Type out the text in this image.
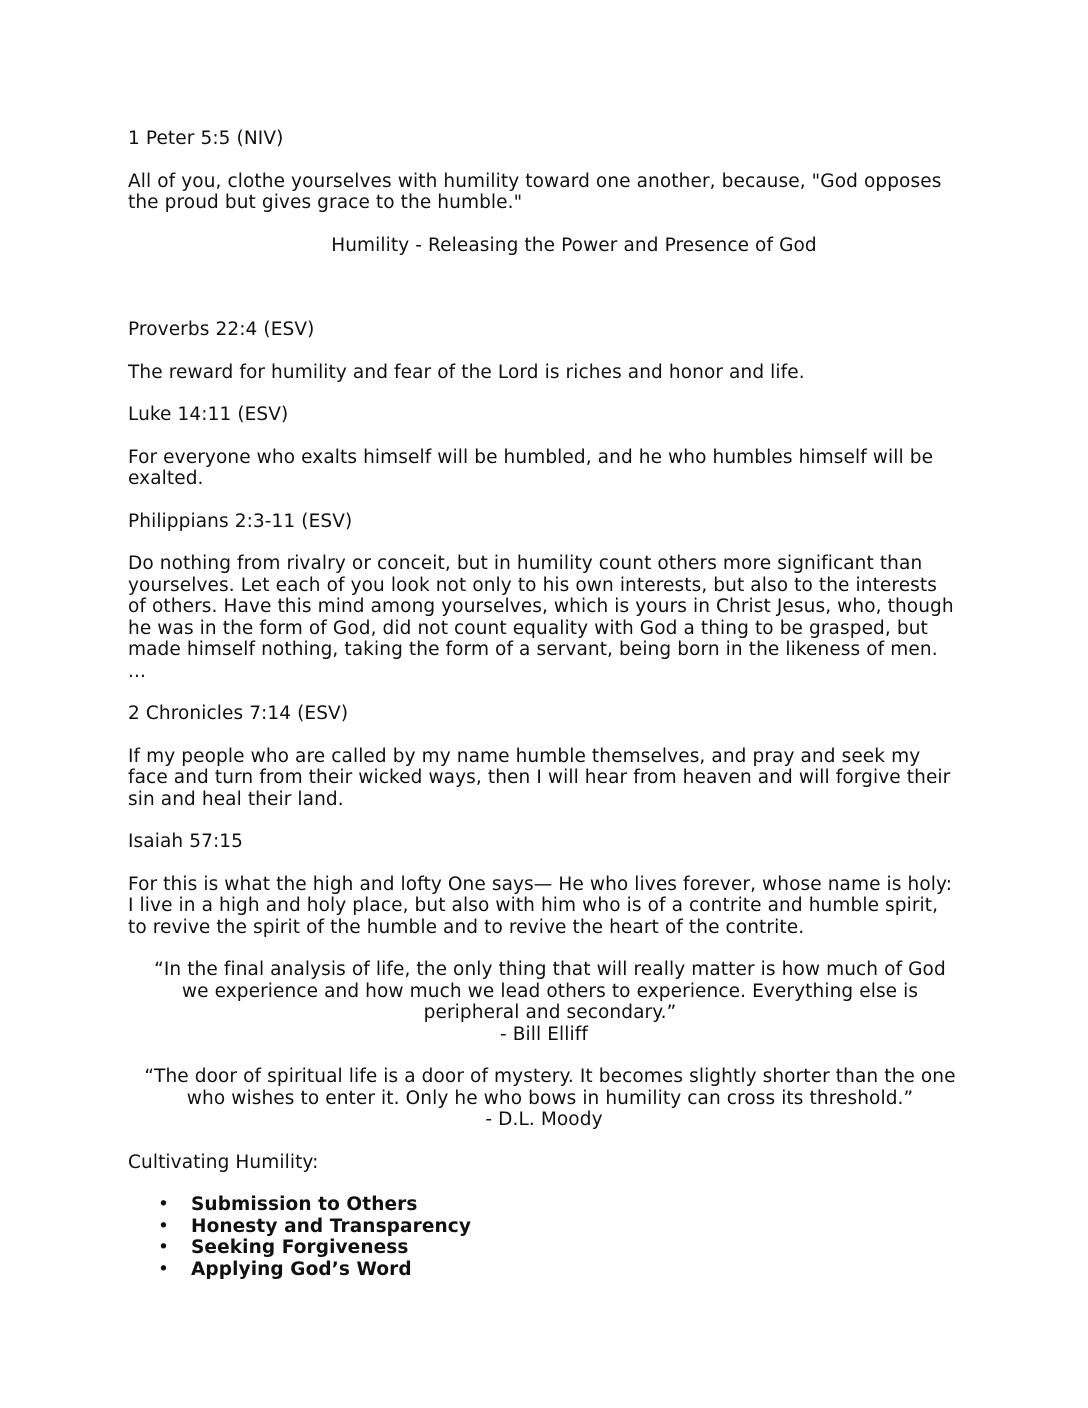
1 Peter 5:5 (NIV)

All of you, clothe yourselves with humility toward one another, because, "God opposes the proud but gives grace to the humble."

Humility - Releasing the Power and Presence of God

Proverbs 22:4 (ESV)

The reward for humility and fear of the Lord is riches and honor and life.

Luke 14:11 (ESV)

For everyone who exalts himself will be humbled, and he who humbles himself will be exalted.

Philippians 2:3-11 (ESV)

Do nothing from rivalry or conceit, but in humility count others more significant than yourselves. Let each of you look not only to his own interests, but also to the interests of others. Have this mind among yourselves, which is yours in Christ Jesus, who, though he was in the form of God, did not count equality with God a thing to be grasped, but made himself nothing, taking the form of a servant, being born in the likeness of men. ...

2 Chronicles 7:14 (ESV)

If my people who are called by my name humble themselves, and pray and seek my face and turn from their wicked ways, then I will hear from heaven and will forgive their sin and heal their land.

Isaiah 57:15

For this is what the high and lofty One says— He who lives forever, whose name is holy: I live in a high and holy place, but also with him who is of a contrite and humble spirit, to revive the spirit of the humble and to revive the heart of the contrite.

“In the final analysis of life, the only thing that will really matter is how much of God we experience and how much we lead others to experience. Everything else is peripheral and secondary.”

- Bill Elliff

“The door of spiritual life is a door of mystery. It becomes slightly shorter than the one who wishes to enter it. Only he who bows in humility can cross its threshold.”

- D.L. Moody

Cultivating Humility:

• Submission to Others
• Honesty and Transparency
• Seeking Forgiveness
• Applying God’s Word
